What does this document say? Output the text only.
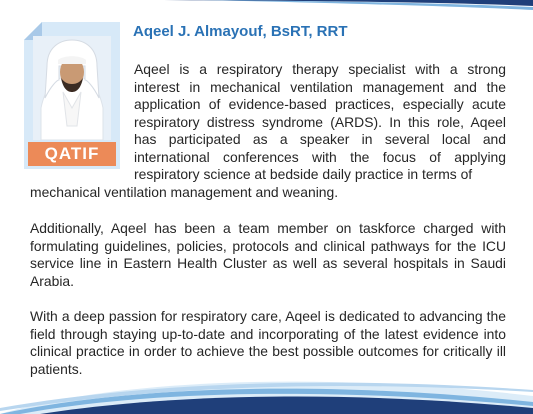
QATIF
Aqeel J. Almayouf, BsRT, RRT

Aqeel is a respiratory therapy specialist with a strong interest in mechanical ventilation management and the application of evidence-based practices, especially acute respiratory distress syndrome (ARDS). In this role, Aqeel has participated as a speaker in several local and international conferences with the focus of applying respiratory science at bedside daily practice in terms of

mechanical ventilation management and weaning.

Additionally, Aqeel has been a team member on taskforce charged with formulating guidelines, policies, protocols and clinical pathways for the ICU service line in Eastern Health Cluster as well as several hospitals in Saudi Arabia.

With a deep passion for respiratory care, Aqeel is dedicated to advancing the field through staying up-to-date and incorporating of the latest evidence into clinical practice in order to achieve the best possible outcomes for critically ill patients.
